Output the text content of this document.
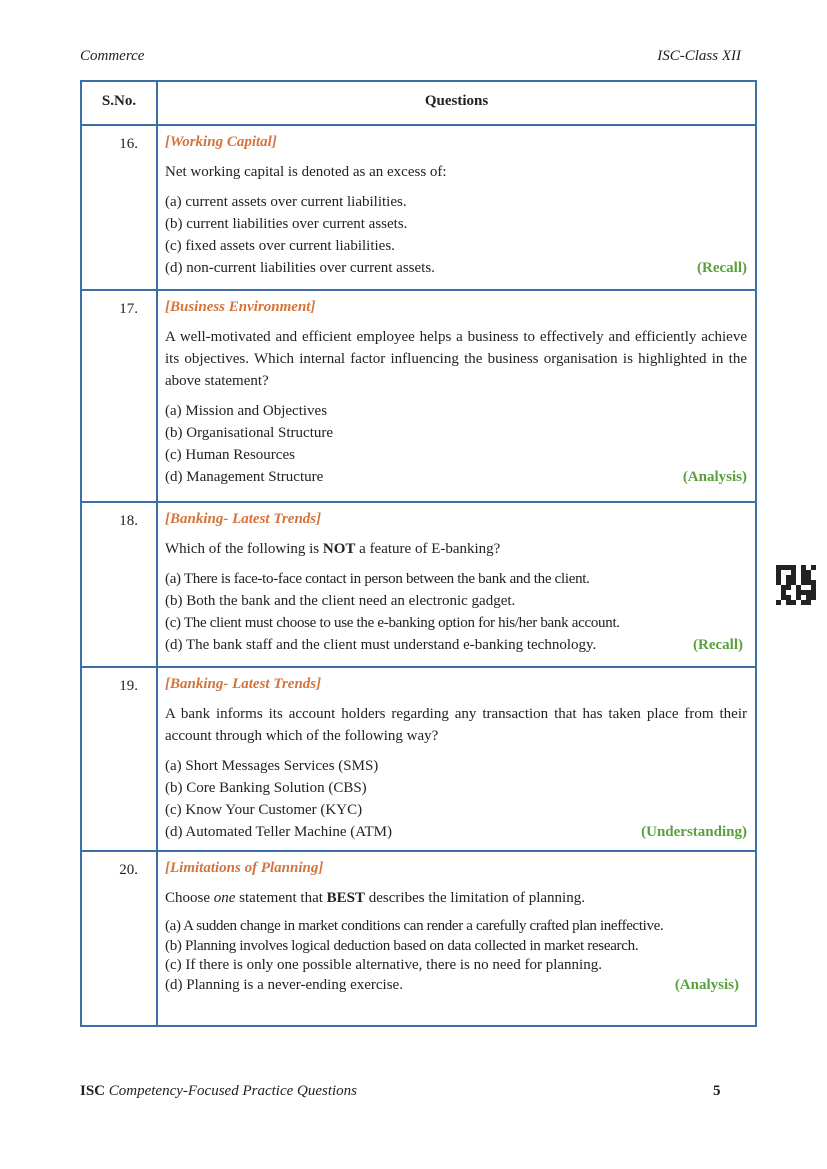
Commerce	ISC-Class XII
S.No.	Questions
16.	[Working Capital]
Net working capital is denoted as an excess of:
(a) current assets over current liabilities.
(b) current liabilities over current assets.
(c) fixed assets over current liabilities.
(d) non-current liabilities over current assets.	(Recall)
17.	[Business Environment]
A well-motivated and efficient employee helps a business to effectively and efficiently achieve its objectives. Which internal factor influencing the business organisation is highlighted in the above statement?
(a) Mission and Objectives
(b) Organisational Structure
(c) Human Resources
(d) Management Structure	(Analysis)
18.	[Banking- Latest Trends]
Which of the following is NOT a feature of E-banking?
(a) There is face-to-face contact in person between the bank and the client.
(b) Both the bank and the client need an electronic gadget.
(c) The client must choose to use the e-banking option for his/her bank account.
(d) The bank staff and the client must understand e-banking technology.	(Recall)
19.	[Banking- Latest Trends]
A bank informs its account holders regarding any transaction that has taken place from their account through which of the following way?
(a) Short Messages Services (SMS)
(b) Core Banking Solution (CBS)
(c) Know Your Customer (KYC)
(d) Automated Teller Machine (ATM)	(Understanding)
20.	[Limitations of Planning]
Choose one statement that BEST describes the limitation of planning.
(a) A sudden change in market conditions can render a carefully crafted plan ineffective.
(b) Planning involves logical deduction based on data collected in market research.
(c) If there is only one possible alternative, there is no need for planning.
(d) Planning is a never-ending exercise.	(Analysis)
ISC Competency-Focused Practice Questions	5
